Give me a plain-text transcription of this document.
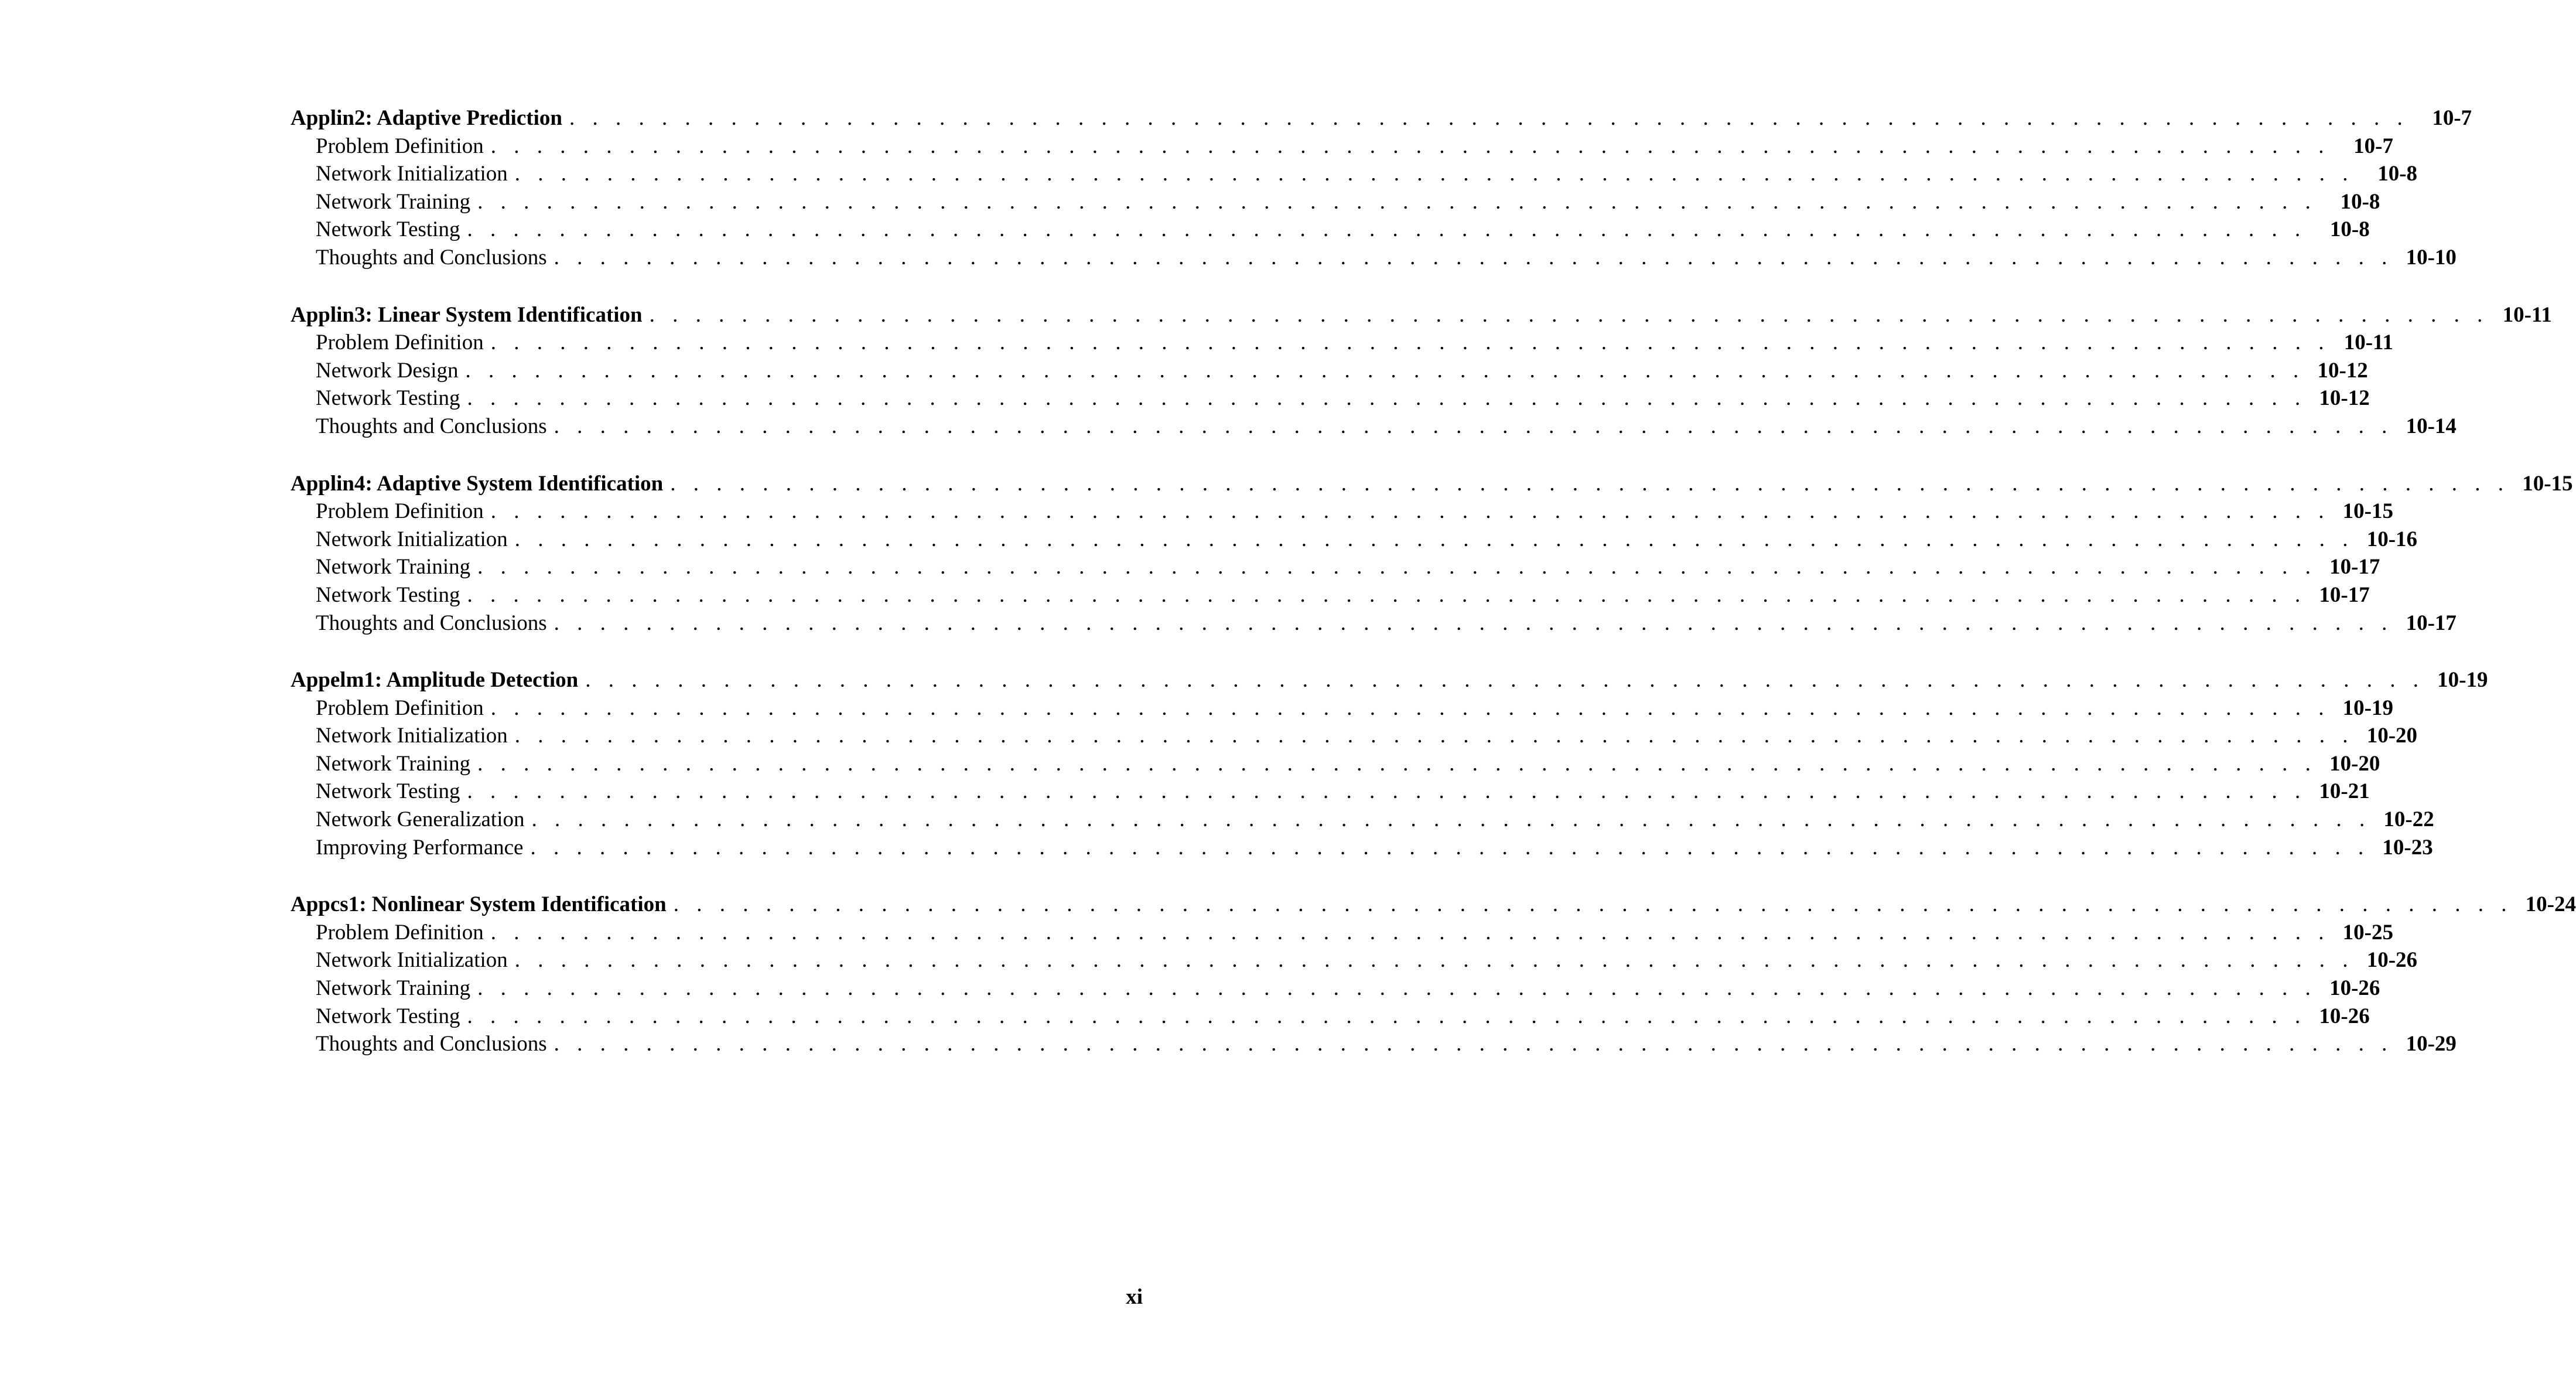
Applin2: Adaptive Prediction . . . . . . . . . . . . . . . . . . . . . . . . . . . . . . . . . . . . . . . . . . . . . . . . . . . . . . . . . . . . . . . . . . . . . . . . . . . . . . . .	10-7
Problem Definition . . . . . . . . . . . . . . . . . . . . . . . . . . . . . . . . . . . . . . . . . . . . . . . . . . . . . . . . . . . . . . . . . . . . . . . . . . . . . . . .	10-7
Network Initialization . . . . . . . . . . . . . . . . . . . . . . . . . . . . . . . . . . . . . . . . . . . . . . . . . . . . . . . . . . . . . . . . . . . . . . . . . . . . . . . .	10-8
Network Training . . . . . . . . . . . . . . . . . . . . . . . . . . . . . . . . . . . . . . . . . . . . . . . . . . . . . . . . . . . . . . . . . . . . . . . . . . . . . . . .	10-8
Network Testing . . . . . . . . . . . . . . . . . . . . . . . . . . . . . . . . . . . . . . . . . . . . . . . . . . . . . . . . . . . . . . . . . . . . . . . . . . . . . . . .	10-8
Thoughts and Conclusions . . . . . . . . . . . . . . . . . . . . . . . . . . . . . . . . . . . . . . . . . . . . . . . . . . . . . . . . . . . . . . . . . . . . . . . . . . . . . . . . 10-10
Applin3: Linear System Identification . . . . . . . . . . . . . . . . . . . . . . . . . . . . . . . . . . . . . . . . . . . . . . . . . . . . . . . . . . . . . . . . . . . . . . . . . . . . . . . . 10-11
Problem Definition . . . . . . . . . . . . . . . . . . . . . . . . . . . . . . . . . . . . . . . . . . . . . . . . . . . . . . . . . . . . . . . . . . . . . . . . . . . . . . . . 10-11
Network Design . . . . . . . . . . . . . . . . . . . . . . . . . . . . . . . . . . . . . . . . . . . . . . . . . . . . . . . . . . . . . . . . . . . . . . . . . . . . . . . . 10-12
Network Testing . . . . . . . . . . . . . . . . . . . . . . . . . . . . . . . . . . . . . . . . . . . . . . . . . . . . . . . . . . . . . . . . . . . . . . . . . . . . . . . . 10-12
Thoughts and Conclusions . . . . . . . . . . . . . . . . . . . . . . . . . . . . . . . . . . . . . . . . . . . . . . . . . . . . . . . . . . . . . . . . . . . . . . . . . . . . . . . . 10-14
Applin4: Adaptive System Identification . . . . . . . . . . . . . . . . . . . . . . . . . . . . . . . . . . . . . . . . . . . . . . . . . . . . . . . . . . . . . . . . . . . . . . . . . . . . . . . . 10-15
Problem Definition . . . . . . . . . . . . . . . . . . . . . . . . . . . . . . . . . . . . . . . . . . . . . . . . . . . . . . . . . . . . . . . . . . . . . . . . . . . . . . . . 10-15
Network Initialization . . . . . . . . . . . . . . . . . . . . . . . . . . . . . . . . . . . . . . . . . . . . . . . . . . . . . . . . . . . . . . . . . . . . . . . . . . . . . . . . 10-16
Network Training . . . . . . . . . . . . . . . . . . . . . . . . . . . . . . . . . . . . . . . . . . . . . . . . . . . . . . . . . . . . . . . . . . . . . . . . . . . . . . . . 10-17
Network Testing . . . . . . . . . . . . . . . . . . . . . . . . . . . . . . . . . . . . . . . . . . . . . . . . . . . . . . . . . . . . . . . . . . . . . . . . . . . . . . . . 10-17
Thoughts and Conclusions . . . . . . . . . . . . . . . . . . . . . . . . . . . . . . . . . . . . . . . . . . . . . . . . . . . . . . . . . . . . . . . . . . . . . . . . . . . . . . . . 10-17
Appelm1: Amplitude Detection . . . . . . . . . . . . . . . . . . . . . . . . . . . . . . . . . . . . . . . . . . . . . . . . . . . . . . . . . . . . . . . . . . . . . . . . . . . . . . . . 10-19
Problem Definition . . . . . . . . . . . . . . . . . . . . . . . . . . . . . . . . . . . . . . . . . . . . . . . . . . . . . . . . . . . . . . . . . . . . . . . . . . . . . . . . 10-19
Network Initialization . . . . . . . . . . . . . . . . . . . . . . . . . . . . . . . . . . . . . . . . . . . . . . . . . . . . . . . . . . . . . . . . . . . . . . . . . . . . . . . . 10-20
Network Training . . . . . . . . . . . . . . . . . . . . . . . . . . . . . . . . . . . . . . . . . . . . . . . . . . . . . . . . . . . . . . . . . . . . . . . . . . . . . . . . 10-20
Network Testing . . . . . . . . . . . . . . . . . . . . . . . . . . . . . . . . . . . . . . . . . . . . . . . . . . . . . . . . . . . . . . . . . . . . . . . . . . . . . . . . 10-21
Network Generalization . . . . . . . . . . . . . . . . . . . . . . . . . . . . . . . . . . . . . . . . . . . . . . . . . . . . . . . . . . . . . . . . . . . . . . . . . . . . . . . . 10-22
Improving Performance . . . . . . . . . . . . . . . . . . . . . . . . . . . . . . . . . . . . . . . . . . . . . . . . . . . . . . . . . . . . . . . . . . . . . . . . . . . . . . . . 10-23
Appcs1: Nonlinear System Identification . . . . . . . . . . . . . . . . . . . . . . . . . . . . . . . . . . . . . . . . . . . . . . . . . . . . . . . . . . . . . . . . . . . . . . . . . . . . . . . . 10-24
Problem Definition . . . . . . . . . . . . . . . . . . . . . . . . . . . . . . . . . . . . . . . . . . . . . . . . . . . . . . . . . . . . . . . . . . . . . . . . . . . . . . . . 10-25
Network Initialization . . . . . . . . . . . . . . . . . . . . . . . . . . . . . . . . . . . . . . . . . . . . . . . . . . . . . . . . . . . . . . . . . . . . . . . . . . . . . . . . 10-26
Network Training . . . . . . . . . . . . . . . . . . . . . . . . . . . . . . . . . . . . . . . . . . . . . . . . . . . . . . . . . . . . . . . . . . . . . . . . . . . . . . . . 10-26
Network Testing . . . . . . . . . . . . . . . . . . . . . . . . . . . . . . . . . . . . . . . . . . . . . . . . . . . . . . . . . . . . . . . . . . . . . . . . . . . . . . . . 10-26
Thoughts and Conclusions . . . . . . . . . . . . . . . . . . . . . . . . . . . . . . . . . . . . . . . . . . . . . . . . . . . . . . . . . . . . . . . . . . . . . . . . . . . . . . . . 10-29
xi
